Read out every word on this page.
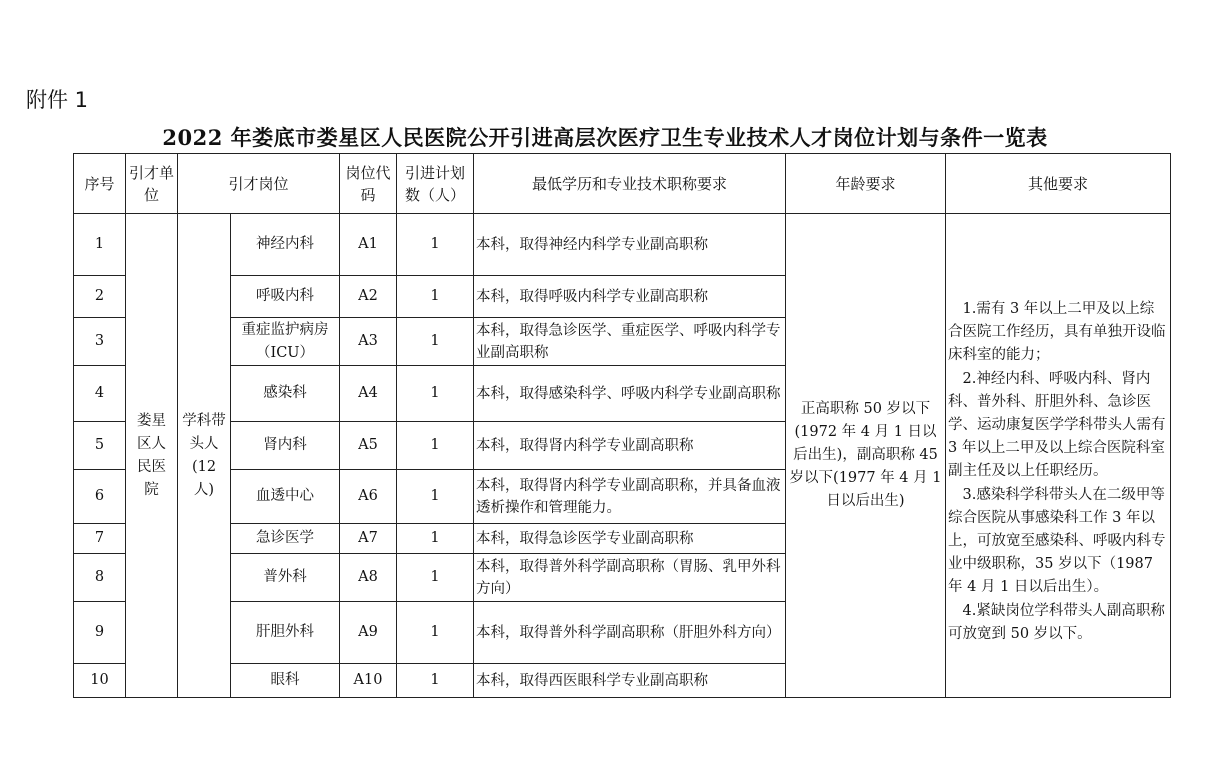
附件 1
2022 年娄底市娄星区人民医院公开引进高层次医疗卫生专业技术人才岗位计划与条件一览表
序号	引才单位	引才岗位		岗位代码	引进计划数（人）	最低学历和专业技术职称要求	年龄要求	其他要求
1	娄星区人民医院	学科带头人(12 人)	神经内科	A1	1	本科，取得神经内科学专业副高职称	正高职称 50 岁以下(1972 年 4 月 1 日以后出生)，副高职称 45 岁以下(1977 年 4 月 1 日以后出生)	1.需有 3 年以上二甲及以上综合医院工作经历，具有单独开设临床科室的能力；

2.神经内科、呼吸内科、肾内科、普外科、肝胆外科、急诊医学、运动康复医学学科带头人需有 3 年以上二甲及以上综合医院科室副主任及以上任职经历。

3.感染科学科带头人在二级甲等综合医院从事感染科工作 3 年以上，可放宽至感染科、呼吸内科专业中级职称，35 岁以下（1987 年 4 月 1 日以后出生）。

4.紧缺岗位学科带头人副高职称可放宽到 50 岁以下。

2			呼吸内科	A2	1	本科，取得呼吸内科学专业副高职称		
3			重症监护病房（ICU）	A3	1	本科，取得急诊医学、重症医学、呼吸内科学专业副高职称		
4			感染科	A4	1	本科，取得感染科学、呼吸内科学专业副高职称		
5			肾内科	A5	1	本科，取得肾内科学专业副高职称		
6			血透中心	A6	1	本科，取得肾内科学专业副高职称，并具备血液透析操作和管理能力。		
7			急诊医学	A7	1	本科，取得急诊医学专业副高职称		
8			普外科	A8	1	本科，取得普外科学副高职称（胃肠、乳甲外科方向）		
9			肝胆外科	A9	1	本科，取得普外科学副高职称（肝胆外科方向）		
10			眼科	A10	1	本科，取得西医眼科学专业副高职称		
